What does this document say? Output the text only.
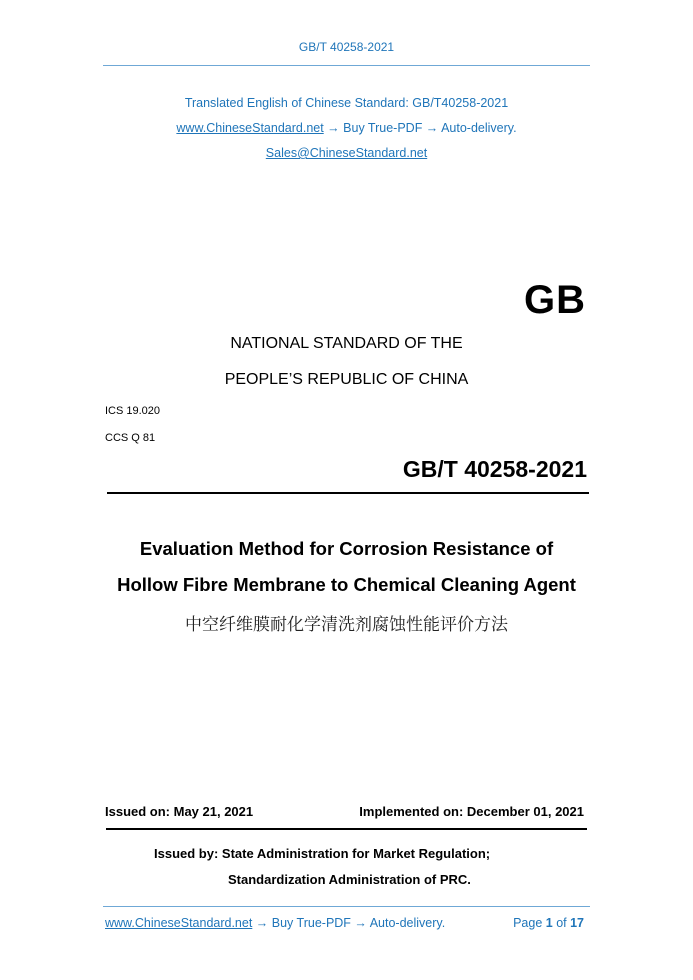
GB/T 40258-2021
Translated English of Chinese Standard: GB/T40258-2021
www.ChineseStandard.net → Buy True-PDF → Auto-delivery.
Sales@ChineseStandard.net
GB
NATIONAL STANDARD OF THE
PEOPLE’S REPUBLIC OF CHINA
ICS 19.020
CCS Q 81
GB/T 40258-2021
Evaluation Method for Corrosion Resistance of
Hollow Fibre Membrane to Chemical Cleaning Agent
中空纤维膜耐化学清洗剂腐蚀性能评价方法
Issued on: May 21, 2021	Implemented on: December 01, 2021
Issued by: State Administration for Market Regulation;
Standardization Administration of PRC.
www.ChineseStandard.net → Buy True-PDF → Auto-delivery.	Page 1 of 17
